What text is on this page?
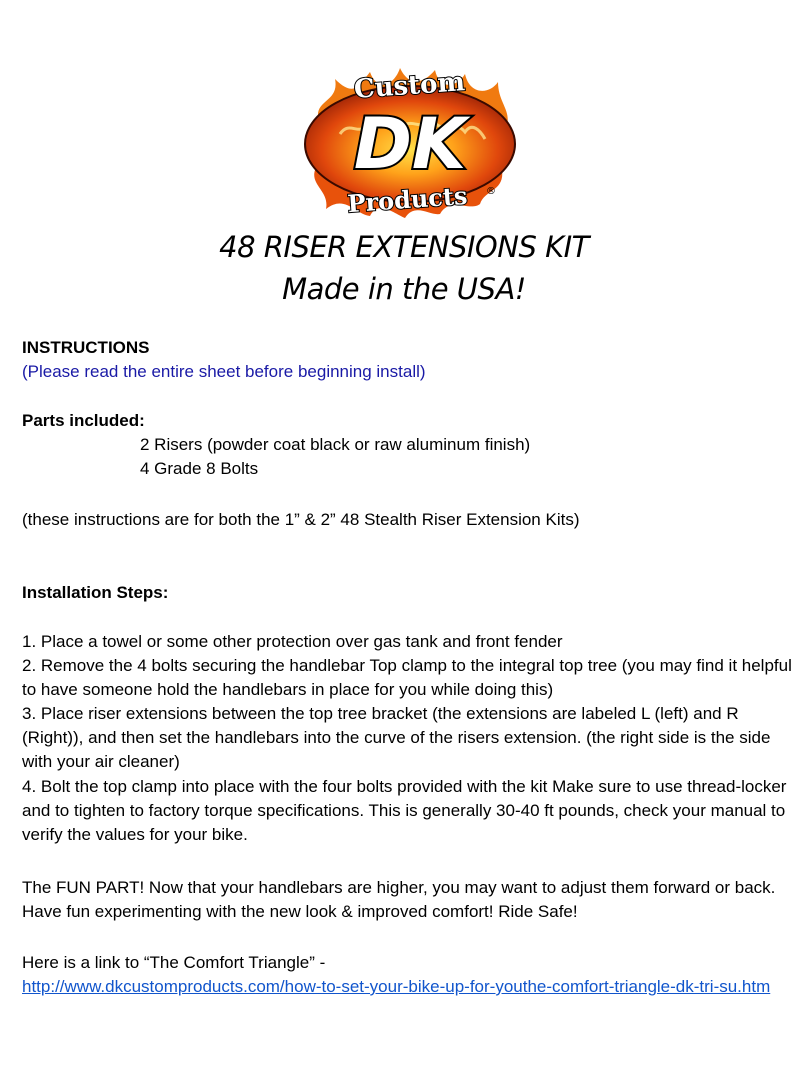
Custom
DK
Products ®
48 RISER EXTENSIONS KIT
Made in the USA!
INSTRUCTIONS
(Please read the entire sheet before beginning install)
Parts included:
2 Risers (powder coat black or raw aluminum finish)
4 Grade 8 Bolts
(these instructions are for both the 1” & 2” 48 Stealth Riser Extension Kits)
Installation Steps:
1. Place a towel or some other protection over gas tank and front fender
2. Remove the 4 bolts securing the handlebar Top clamp to the integral top tree (you may find it helpful to have someone hold the handlebars in place for you while doing this)
3. Place riser extensions between the top tree bracket (the extensions are labeled L (left) and R (Right)), and then set the handlebars into the curve of the risers extension. (the right side is the side with your air cleaner)
4. Bolt the top clamp into place with the four bolts provided with the kit Make sure to use thread-locker and to tighten to factory torque specifications. This is generally 30-40 ft pounds, check your manual to verify the values for your bike.
The FUN PART! Now that your handlebars are higher, you may want to adjust them forward or back. Have fun experimenting with the new look & improved comfort! Ride Safe!
Here is a link to “The Comfort Triangle” -
http://www.dkcustomproducts.com/how-to-set-your-bike-up-for-youthe-comfort-triangle-dk-tri-su.htm
